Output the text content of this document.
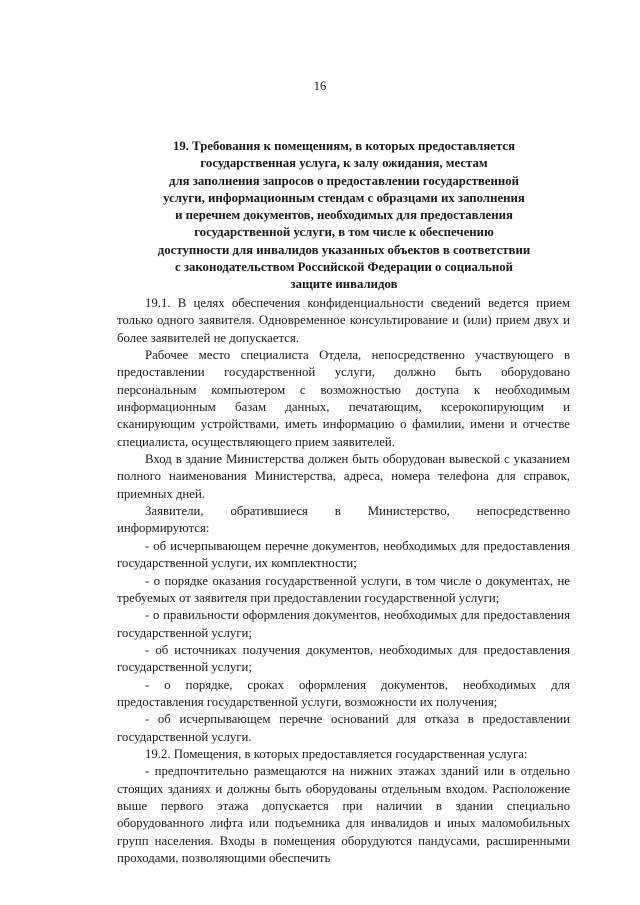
16
19. Требования к помещениям, в которых предоставляется
государственная услуга, к залу ожидания, местам
для заполнения запросов о предоставлении государственной
услуги, информационным стендам с образцами их заполнения
и перечнем документов, необходимых для предоставления
государственной услуги, в том числе к обеспечению
доступности для инвалидов указанных объектов в соответствии
с законодательством Российской Федерации о социальной
защите инвалидов

19.1. В целях обеспечения конфиденциальности сведений ведется прием только одного заявителя. Одновременное консультирование и (или) прием двух и более заявителей не допускается.

Рабочее место специалиста Отдела, непосредственно участвующего в предоставлении государственной услуги, должно быть оборудовано персональным компьютером с возможностью доступа к необходимым информационным базам данных, печатающим, ксерокопирующим и сканирующим устройствами, иметь информацию о фамилии, имени и отчестве специалиста, осуществляющего прием заявителей.

Вход в здание Министерства должен быть оборудован вывеской с указанием полного наименования Министерства, адреса, номера телефона для справок, приемных дней.

Заявители, обратившиеся в Министерство, непосредственно информируются:

- об исчерпывающем перечне документов, необходимых для предоставления государственной услуги, их комплектности;

- о порядке оказания государственной услуги, в том числе о документах, не требуемых от заявителя при предоставлении государственной услуги;

- о правильности оформления документов, необходимых для предоставления государственной услуги;

- об источниках получения документов, необходимых для предоставления государственной услуги;

- о порядке, сроках оформления документов, необходимых для предоставления государственной услуги, возможности их получения;

- об исчерпывающем перечне оснований для отказа в предоставлении государственной услуги.

19.2. Помещения, в которых предоставляется государственная услуга:

- предпочтительно размещаются на нижних этажах зданий или в отдельно стоящих зданиях и должны быть оборудованы отдельным входом. Расположение выше первого этажа допускается при наличии в здании специально оборудованного лифта или подъемника для инвалидов и иных маломобильных групп населения. Входы в помещения оборудуются пандусами, расширенными проходами, позволяющими обеспечить
